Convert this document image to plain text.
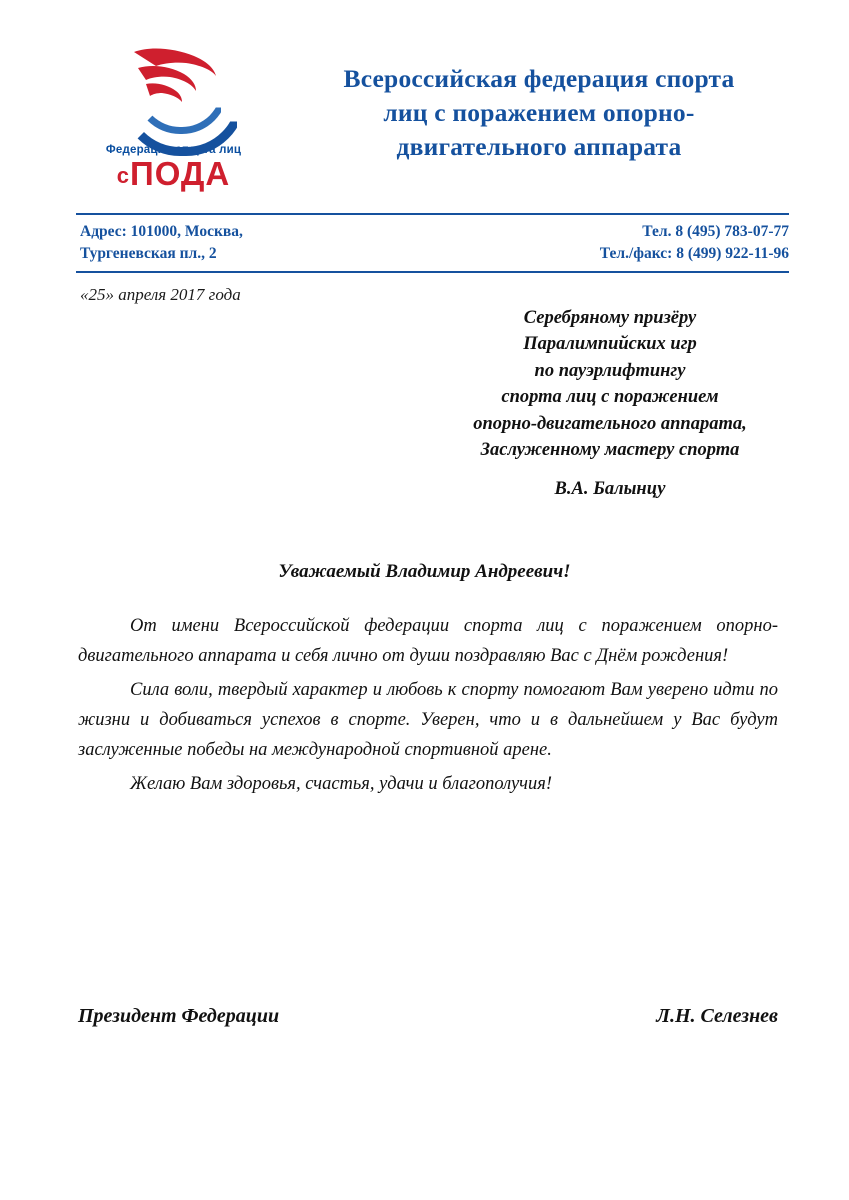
Федерация спорта лиц
сПОДА
Всероссийская федерация спорта
лиц с поражением опорно-
двигательного аппарата
Адрес: 101000, Москва,
Тургеневская пл., 2
Тел. 8 (495) 783-07-77
Тел./факс: 8 (499) 922-11-96
«25» апреля 2017 года
Серебряному призёру
Паралимпийских игр
по пауэрлифтингу
спорта лиц с поражением
опорно-двигательного аппарата,
Заслуженному мастеру спорта
В.А. Балынцу
Уважаемый Владимир Андреевич!

От имени Всероссийской федерации спорта лиц с поражением опорно-двигательного аппарата и себя лично от души поздравляю Вас с Днём рождения!

Сила воли, твердый характер и любовь к спорту помогают Вам уверено идти по жизни и добиваться успехов в спорте. Уверен, что и в дальнейшем у Вас будут заслуженные победы на международной спортивной арене.

Желаю Вам здоровья, счастья, удачи и благополучия!

Президент Федерации	Л.Н. Селезнев
